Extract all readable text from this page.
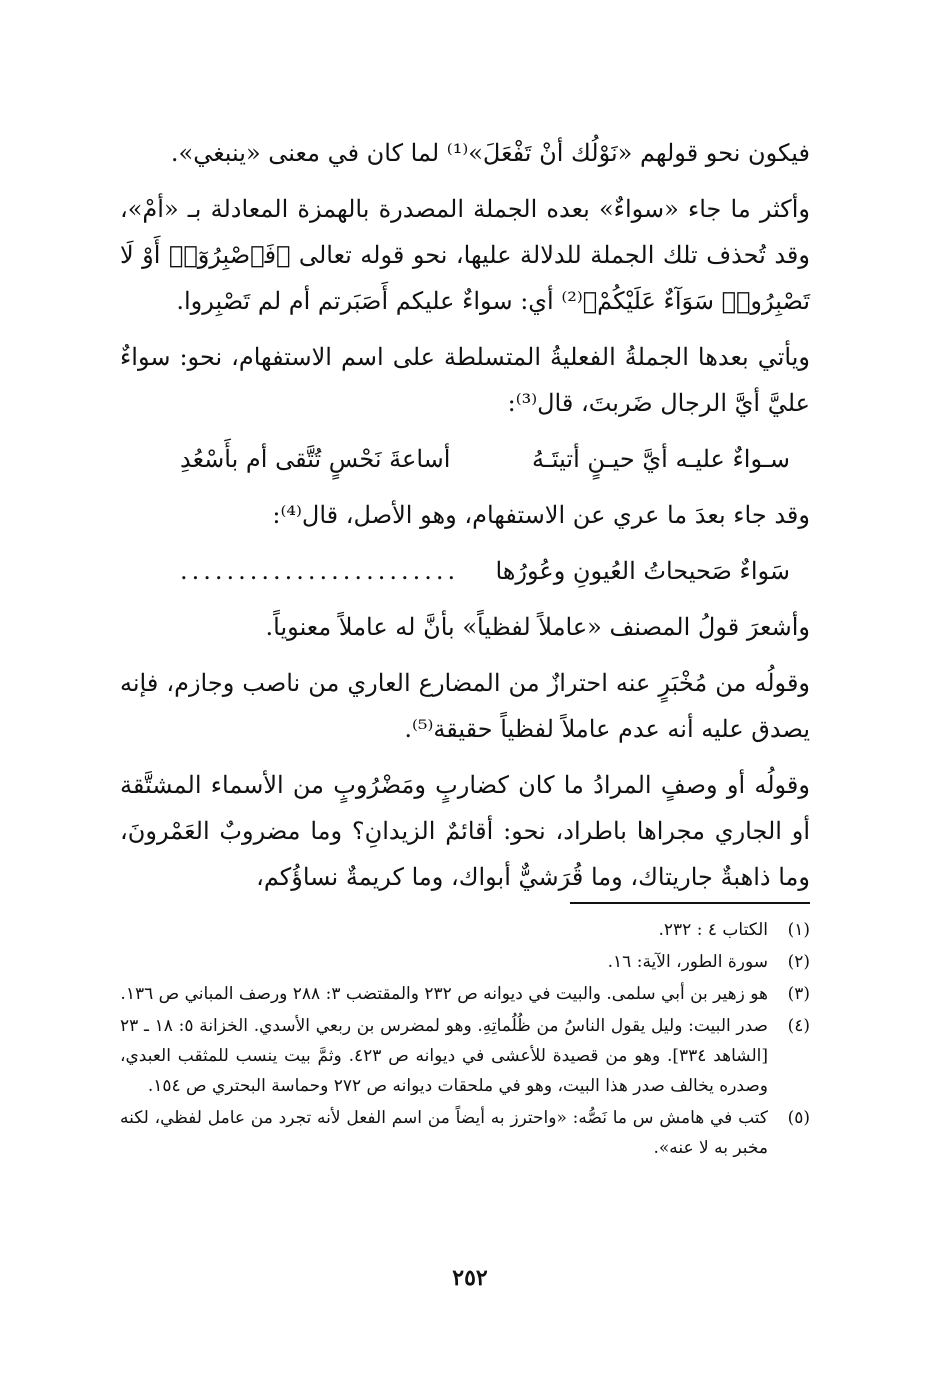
فيكون نحو قولهم «نَوْلُك أنْ تَفْعَلَ»⁽¹⁾ لما كان في معنى «ينبغي».

وأكثر ما جاء «سواءٌ» بعده الجملة المصدرة بالهمزة المعادلة بـ «أمْ»، وقد تُحذف تلك الجملة للدلالة عليها، نحو قوله تعالى ﴿فَٱصْبِرُوٓا۟ أَوْ لَا تَصْبِرُوا۟ سَوَآءٌ عَلَيْكُمْ﴾⁽²⁾ أي: سواءٌ عليكم أَصَبَرتم أم لم تَصْبِروا.

ويأتي بعدها الجملةُ الفعليةُ المتسلطة على اسم الاستفهام، نحو: سواءٌ عليَّ أيَّ الرجال ضَربتَ، قال⁽³⁾:

سـواءٌ عليـه أيَّ حيـنٍ أتيتَـهُ
أساعةَ نَحْسٍ تُتَّقى أم بأَسْعُدِ

وقد جاء بعدَ ما عري عن الاستفهام، وهو الأصل، قال⁽⁴⁾:

سَواءٌ صَحيحاتُ العُيونِ وعُورُها
........................

وأشعرَ قولُ المصنف «عاملاً لفظياً» بأنَّ له عاملاً معنوياً.

وقولُه من مُخْبَرٍ عنه احترازٌ من المضارع العاري من ناصب وجازم، فإنه يصدق عليه أنه عدم عاملاً لفظياً حقيقة⁽⁵⁾.

وقولُه أو وصفٍ المرادُ ما كان كضاربٍ ومَضْرُوبٍ من الأسماء المشتَّقة أو الجاري مجراها باطراد، نحو: أقائمٌ الزيدانِ؟ وما مضروبٌ العَمْرونَ، وما ذاهبةٌ جاريتاك، وما قُرَشيٌّ أبواك، وما كريمةٌ نساؤُكم،

(١)
الكتاب ٤ : ٢٣٢.
(٢)
سورة الطور، الآية: ١٦.
(٣)
هو زهير بن أبي سلمى. والبيت في ديوانه ص ٢٣٢ والمقتضب ٣: ٢٨٨ ورصف المباني ص ١٣٦.
(٤)
صدر البيت: وليل يقول الناسُ من ظُلُماتِهِ. وهو لمضرس بن ربعي الأسدي. الخزانة ٥: ١٨ ـ ٢٣ [الشاهد ٣٣٤]. وهو من قصيدة للأعشى في ديوانه ص ٤٢٣. وثمَّ بيت ينسب للمثقب العبدي، وصدره يخالف صدر هذا البيت، وهو في ملحقات ديوانه ص ٢٧٢ وحماسة البحتري ص ١٥٤.
(٥)
كتب في هامش س ما نَصُّه: «واحترز به أيضاً من اسم الفعل لأنه تجرد من عامل لفظي، لكنه مخبر به لا عنه».
٢٥٢
